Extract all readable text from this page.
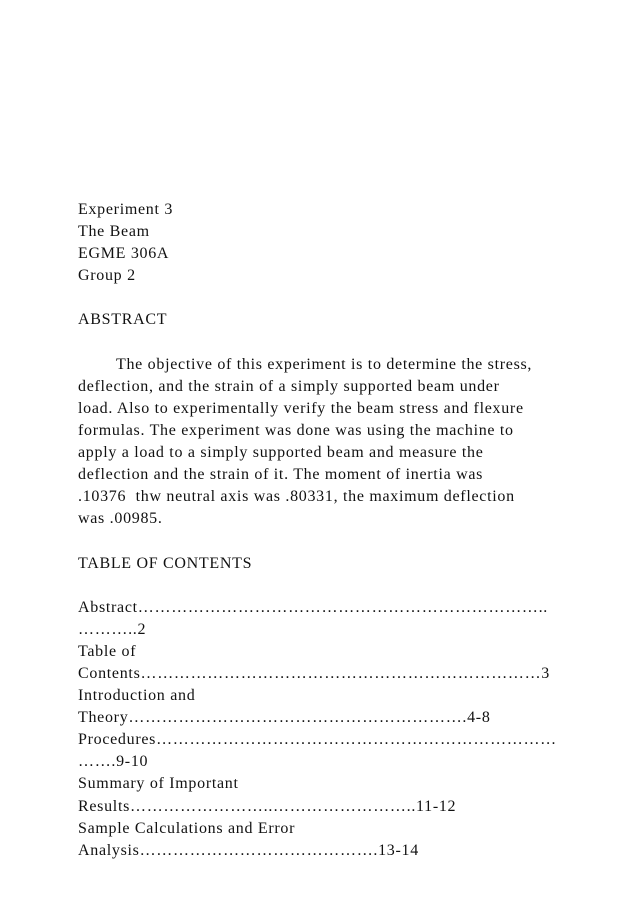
Experiment 3
The Beam
EGME 306A
Group 2
ABSTRACT
The objective of this experiment is to determine the stress,
deflection, and the strain of a simply supported beam under
load. Also to experimentally verify the beam stress and flexure
formulas. The experiment was done was using the machine to
apply a load to a simply supported beam and measure the
deflection and the strain of it. The moment of inertia was
.10376  thw neutral axis was .80331, the maximum deflection
was .00985.
TABLE OF CONTENTS
Abstract………………………………………………………………..
………..2
Table of
Contents………………………………………………………………3
Introduction and
Theory…………………………………………………….4-8
Procedures………………………………………………………………
…….9-10
Summary of Important
Results……………………..……………………..11-12
Sample Calculations and Error
Analysis…………………………………….13-14
